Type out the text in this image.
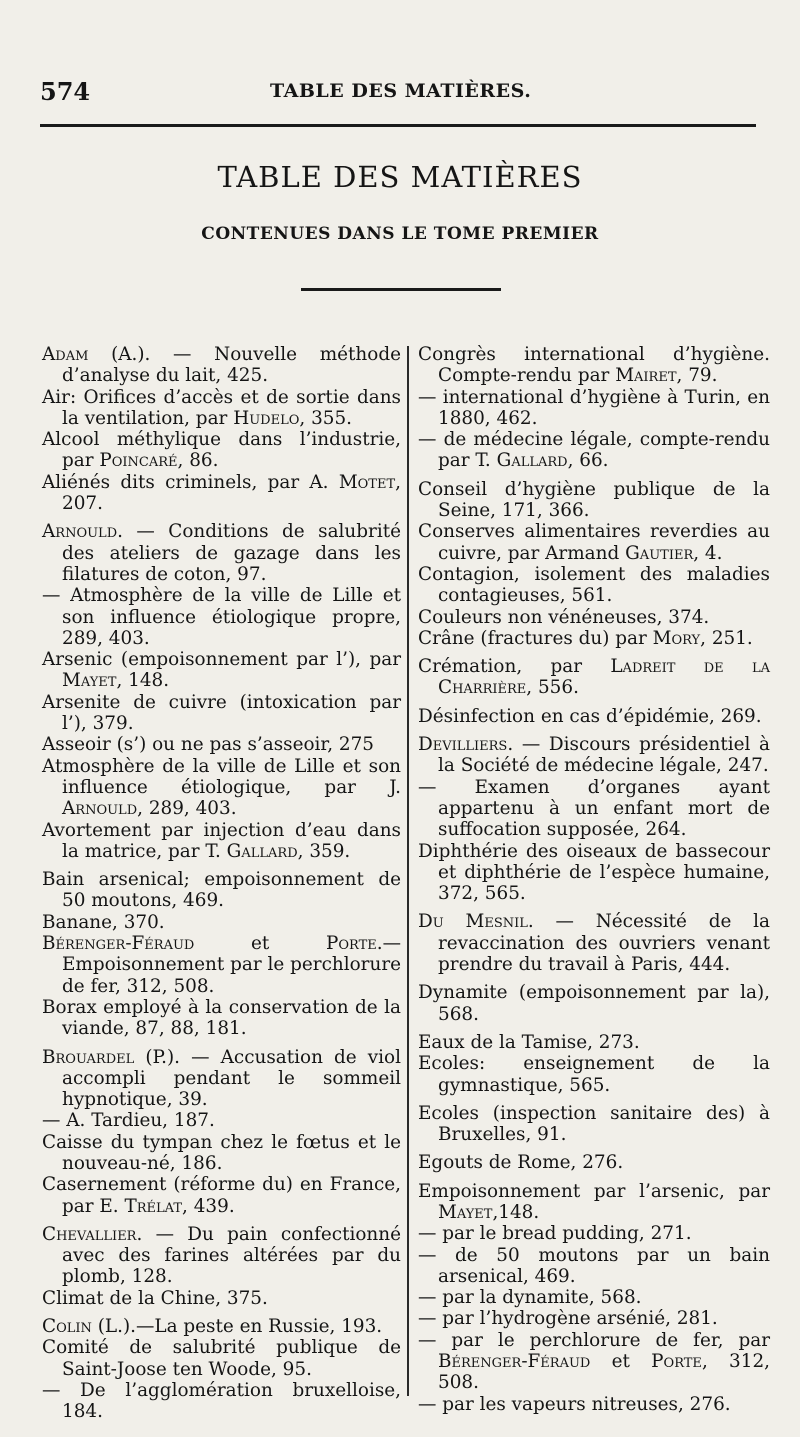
574	TABLE DES MATIÈRES.
TABLE DES MATIÈRES
CONTENUES DANS LE TOME PREMIER
Adam (A.). — Nouvelle méthode d’analyse du lait, 425.
Air: Orifices d’accès et de sortie dans la ventilation, par Hudelo, 355.
Alcool méthylique dans l’industrie, par Poincaré, 86.
Aliénés dits criminels, par A. Motet, 207.
Arnould. — Conditions de salubrité des ateliers de gazage dans les filatures de coton, 97.
— Atmosphère de la ville de Lille et son influence étiologique propre, 289, 403.
Arsenic (empoisonnement par l’), par Mayet, 148.
Arsenite de cuivre (intoxication par l’), 379.
Asseoir (s’) ou ne pas s’asseoir, 275
Atmosphère de la ville de Lille et son influence étiologique, par J. Arnould, 289, 403.
Avortement par injection d’eau dans la matrice, par T. Gallard, 359.
Bain arsenical; empoisonnement de 50 moutons, 469.
Banane, 370.
Bérenger-Féraud et Porte.—Empoisonnement par le perchlorure de fer, 312, 508.
Borax employé à la conservation de la viande, 87, 88, 181.
Brouardel (P.). — Accusation de viol accompli pendant le sommeil hypnotique, 39.
— A. Tardieu, 187.
Caisse du tympan chez le fœtus et le nouveau-né, 186.
Casernement (réforme du) en France, par E. Trélat, 439.
Chevallier. — Du pain confectionné avec des farines altérées par du plomb, 128.
Climat de la Chine, 375.
Colin (L.).—La peste en Russie, 193.
Comité de salubrité publique de Saint-Joose ten Woode, 95.
— De l’agglomération bruxelloise, 184.
Congrès international d’hygiène. Compte-rendu par Mairet, 79.
— international d’hygiène à Turin, en 1880, 462.
— de médecine légale, compte-rendu par T. Gallard, 66.
Conseil d’hygiène publique de la Seine, 171, 366.
Conserves alimentaires reverdies au cuivre, par Armand Gautier, 4.
Contagion, isolement des maladies contagieuses, 561.
Couleurs non vénéneuses, 374.
Crâne (fractures du) par Mory, 251.
Crémation, par Ladreit de la Charrière, 556.
Désinfection en cas d’épidémie, 269.
Devilliers. — Discours présidentiel à la Société de médecine légale, 247.
— Examen d’organes ayant appartenu à un enfant mort de suffocation supposée, 264.
Diphthérie des oiseaux de bassecour et diphthérie de l’espèce humaine, 372, 565.
Du Mesnil. — Nécessité de la revaccination des ouvriers venant prendre du travail à Paris, 444.
Dynamite (empoisonnement par la), 568.
Eaux de la Tamise, 273.
Ecoles: enseignement de la gymnastique, 565.
Ecoles (inspection sanitaire des) à Bruxelles, 91.
Egouts de Rome, 276.
Empoisonnement par l’arsenic, par Mayet,148.
— par le bread pudding, 271.
— de 50 moutons par un bain arsenical, 469.
— par la dynamite, 568.
— par l’hydrogène arsénié, 281.
— par le perchlorure de fer, par Bérenger-Féraud et Porte, 312, 508.
— par les vapeurs nitreuses, 276.
